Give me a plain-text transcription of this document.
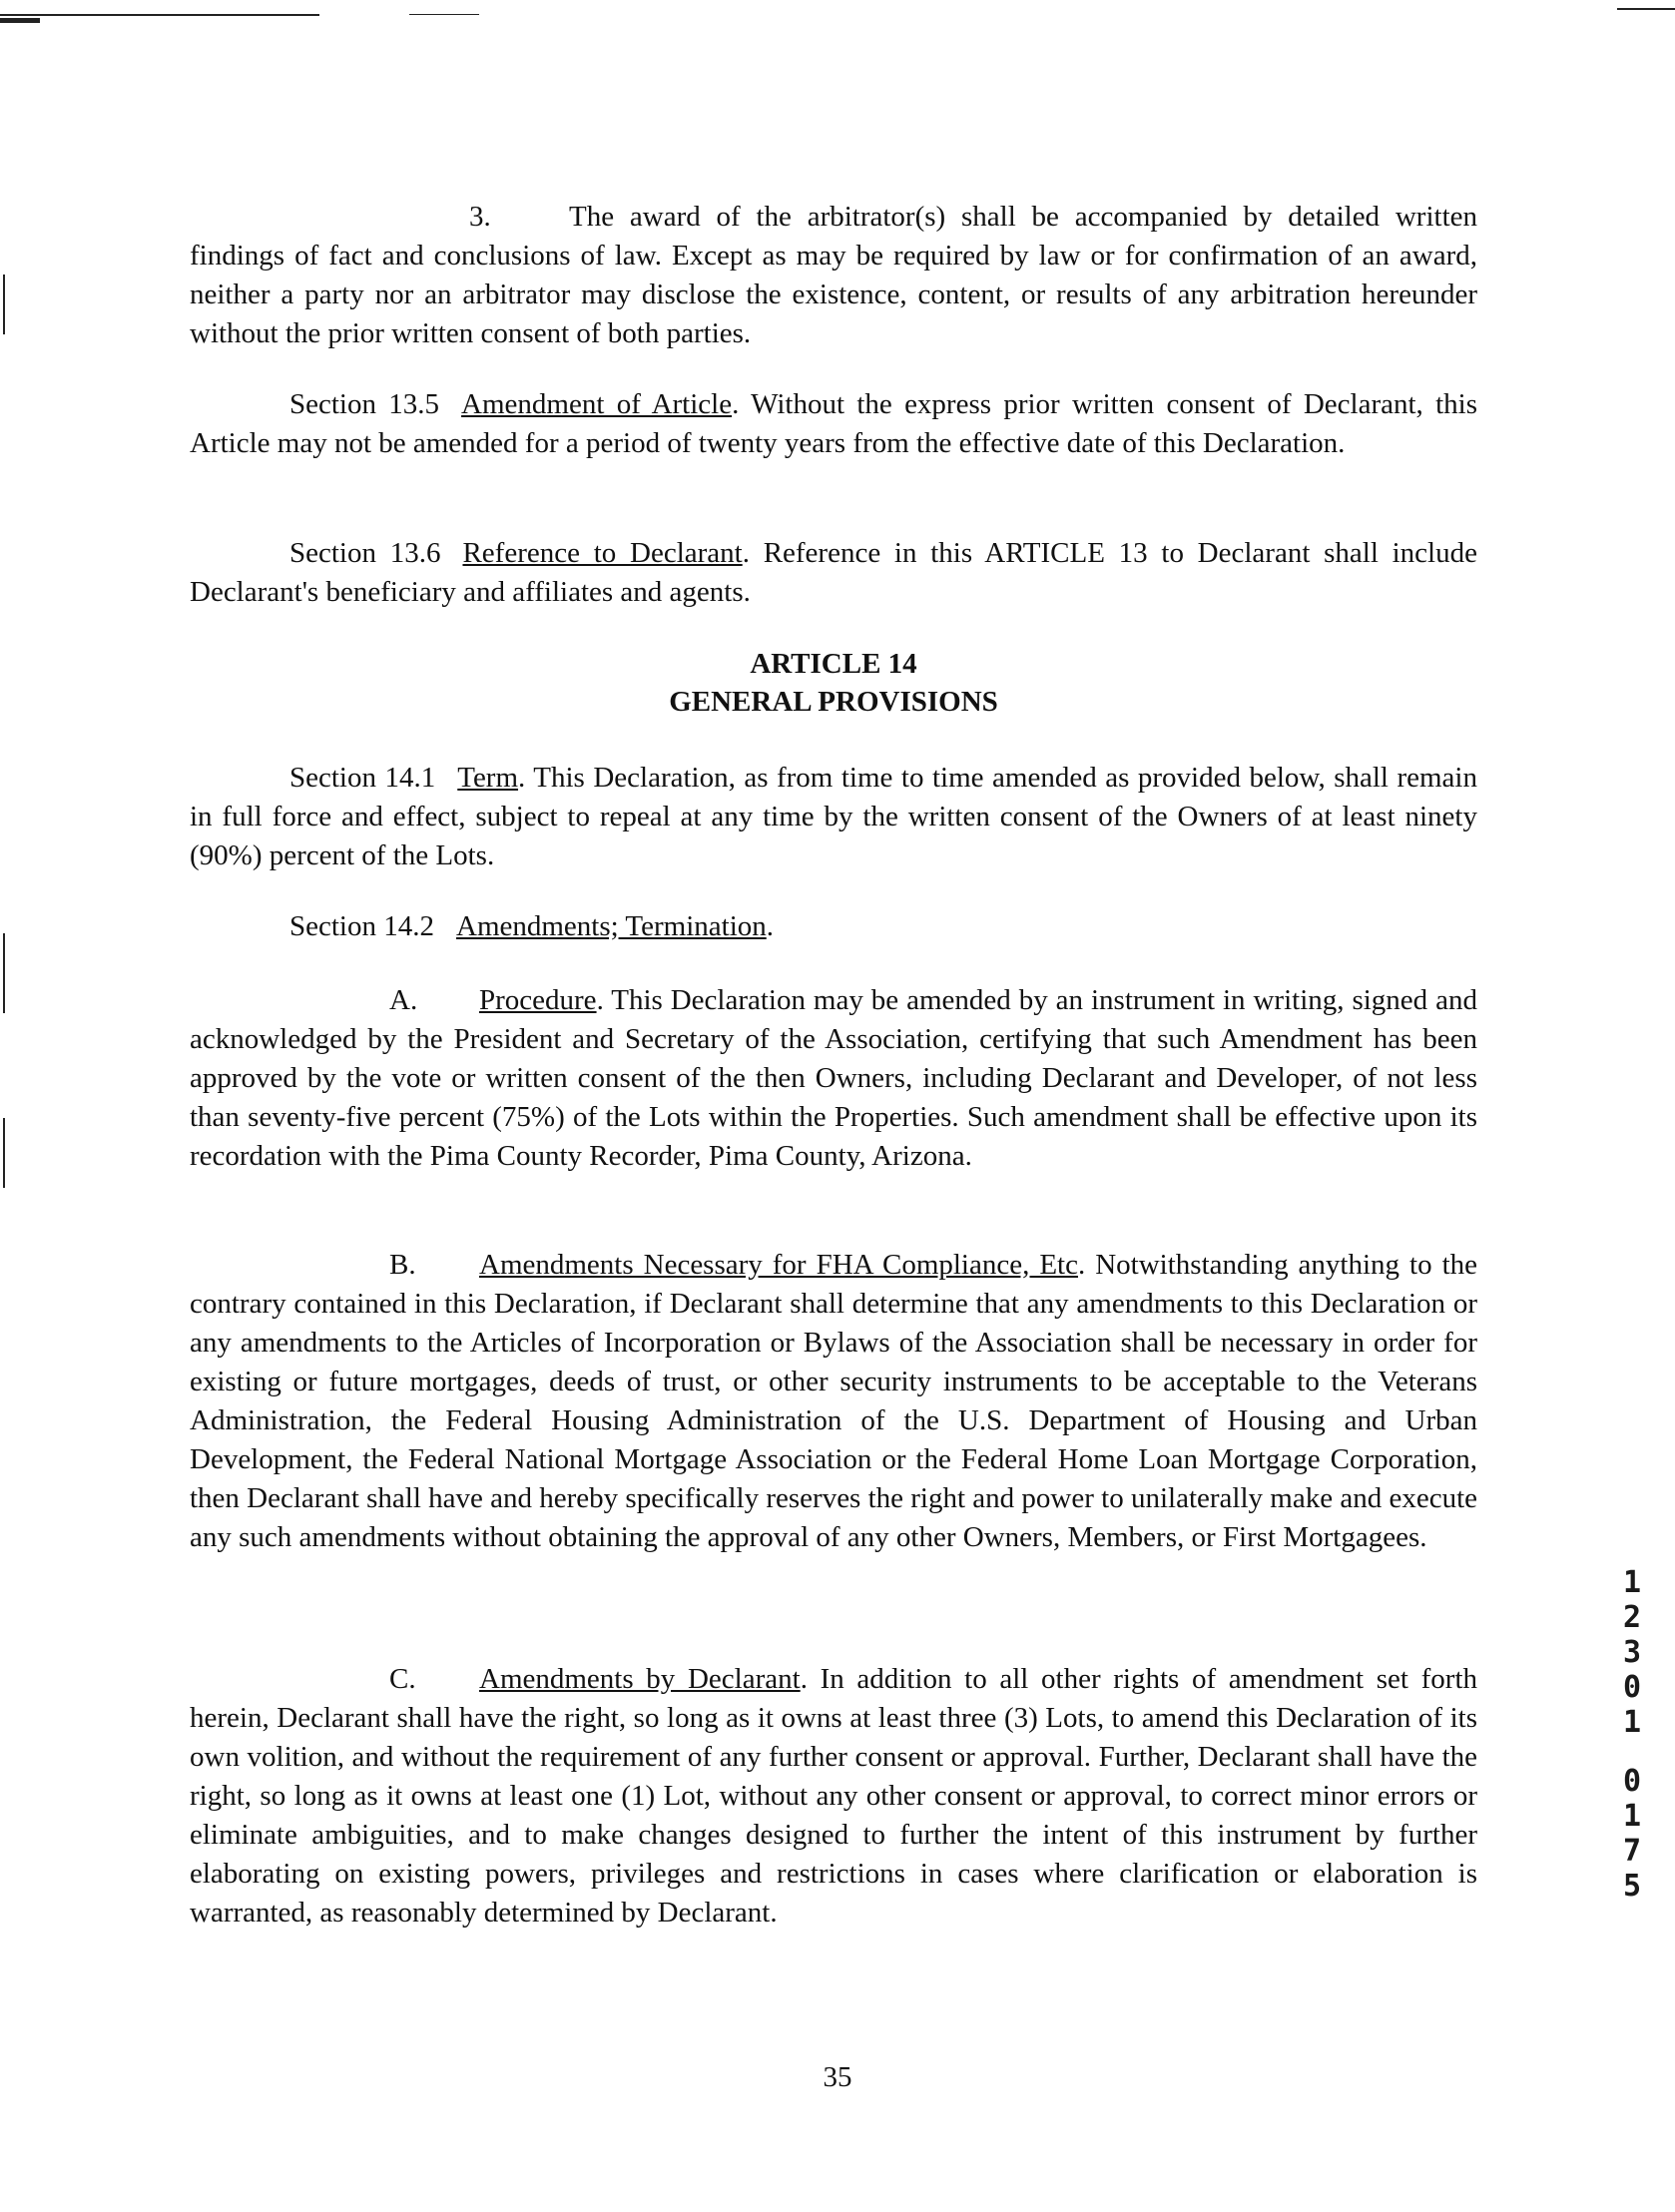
3.	The award of the arbitrator(s) shall be accompanied by detailed written findings of fact and conclusions of law. Except as may be required by law or for confirmation of an award, neither a party nor an arbitrator may disclose the existence, content, or results of any arbitration hereunder without the prior written consent of both parties.

Section 13.5 Amendment of Article. Without the express prior written consent of Declarant, this Article may not be amended for a period of twenty years from the effective date of this Declaration.

Section 13.6 Reference to Declarant. Reference in this ARTICLE 13 to Declarant shall include Declarant's beneficiary and affiliates and agents.

ARTICLE 14
GENERAL PROVISIONS

Section 14.1 Term. This Declaration, as from time to time amended as provided below, shall remain in full force and effect, subject to repeal at any time by the written consent of the Owners of at least ninety (90%) percent of the Lots.

Section 14.2 Amendments; Termination.

A. Procedure. This Declaration may be amended by an instrument in writing, signed and acknowledged by the President and Secretary of the Association, certifying that such Amendment has been approved by the vote or written consent of the then Owners, including Declarant and Developer, of not less than seventy-five percent (75%) of the Lots within the Properties. Such amendment shall be effective upon its recordation with the Pima County Recorder, Pima County, Arizona.

B. Amendments Necessary for FHA Compliance, Etc. Notwithstanding anything to the contrary contained in this Declaration, if Declarant shall determine that any amendments to this Declaration or any amendments to the Articles of Incorporation or Bylaws of the Association shall be necessary in order for existing or future mortgages, deeds of trust, or other security instruments to be acceptable to the Veterans Administration, the Federal Housing Administration of the U.S. Department of Housing and Urban Development, the Federal National Mortgage Association or the Federal Home Loan Mortgage Corporation, then Declarant shall have and hereby specifically reserves the right and power to unilaterally make and execute any such amendments without obtaining the approval of any other Owners, Members, or First Mortgagees.

C. Amendments by Declarant. In addition to all other rights of amendment set forth herein, Declarant shall have the right, so long as it owns at least three (3) Lots, to amend this Declaration of its own volition, and without the requirement of any further consent or approval. Further, Declarant shall have the right, so long as it owns at least one (1) Lot, without any other consent or approval, to correct minor errors or eliminate ambiguities, and to make changes designed to further the intent of this instrument by further elaborating on existing powers, privileges and restrictions in cases where clarification or elaboration is warranted, as reasonably determined by Declarant.

1
2
3
0
1
0
1
7
5
35
